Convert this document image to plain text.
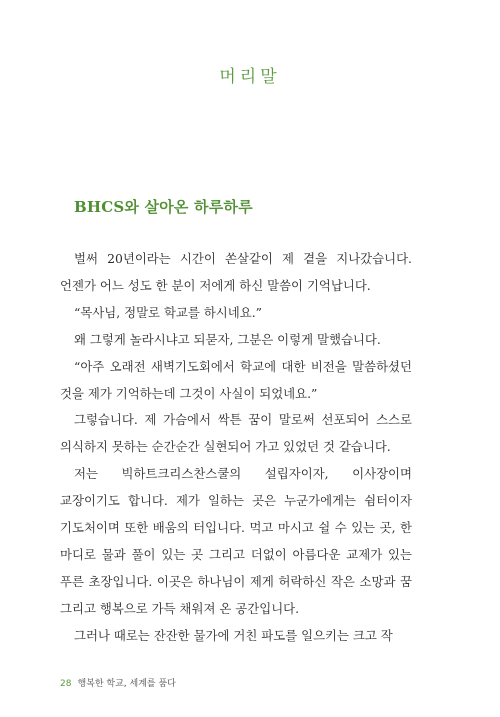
머리말
BHCS와 살아온 하루하루

벌써 20년이라는 시간이 쏜살같이 제 곁을 지나갔습니다. 언젠가 어느 성도 한 분이 저에게 하신 말씀이 기억납니다.

“목사님, 정말로 학교를 하시네요.”

왜 그렇게 놀라시냐고 되묻자, 그분은 이렇게 말했습니다.

“아주 오래전 새벽기도회에서 학교에 대한 비전을 말씀하셨던 것을 제가 기억하는데 그것이 사실이 되었네요.”

그렇습니다. 제 가슴에서 싹튼 꿈이 말로써 선포되어 스스로 의식하지 못하는 순간순간 실현되어 가고 있었던 것 같습니다.

저는 빅하트크리스찬스쿨의 설립자이자, 이사장이며 교장이기도 합니다. 제가 일하는 곳은 누군가에게는 쉼터이자 기도처이며 또한 배움의 터입니다. 먹고 마시고 쉴 수 있는 곳, 한 마디로 물과 풀이 있는 곳 그리고 더없이 아름다운 교제가 있는 푸른 초장입니다. 이곳은 하나님이 제게 허락하신 작은 소망과 꿈 그리고 행복으로 가득 채워져 온 공간입니다.

그러나 때로는 잔잔한 물가에 거친 파도를 일으키는 크고 작

28 행복한 학교, 세계를 품다
